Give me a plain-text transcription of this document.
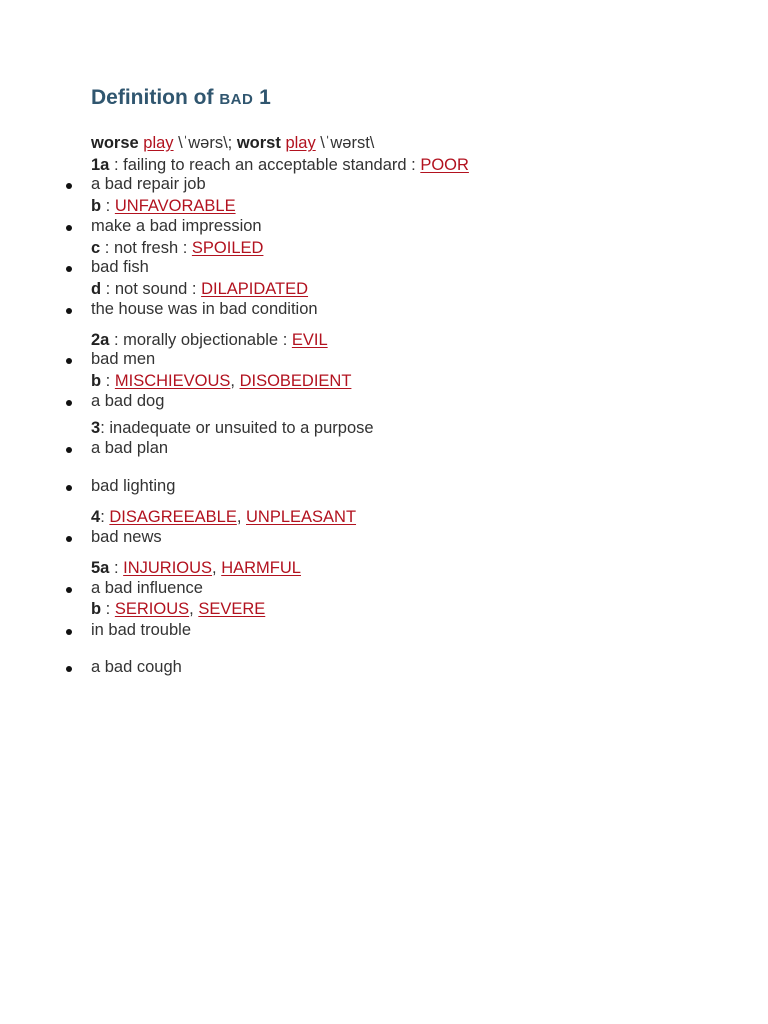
Definition of BAD 1
worse play \ˈwərs\; worst play \ˈwərst\
1a : failing to reach an acceptable standard : POOR
a bad repair job
b : UNFAVORABLE
make a bad impression
c : not fresh : SPOILED
bad fish
d : not sound : DILAPIDATED
the house was in bad condition
2a : morally objectionable : EVIL
bad men
b : MISCHIEVOUS, DISOBEDIENT
a bad dog
3: inadequate or unsuited to a purpose
a bad plan
bad lighting
4: DISAGREEABLE, UNPLEASANT
bad news
5a : INJURIOUS, HARMFUL
a bad influence
b : SERIOUS, SEVERE
in bad trouble
a bad cough
